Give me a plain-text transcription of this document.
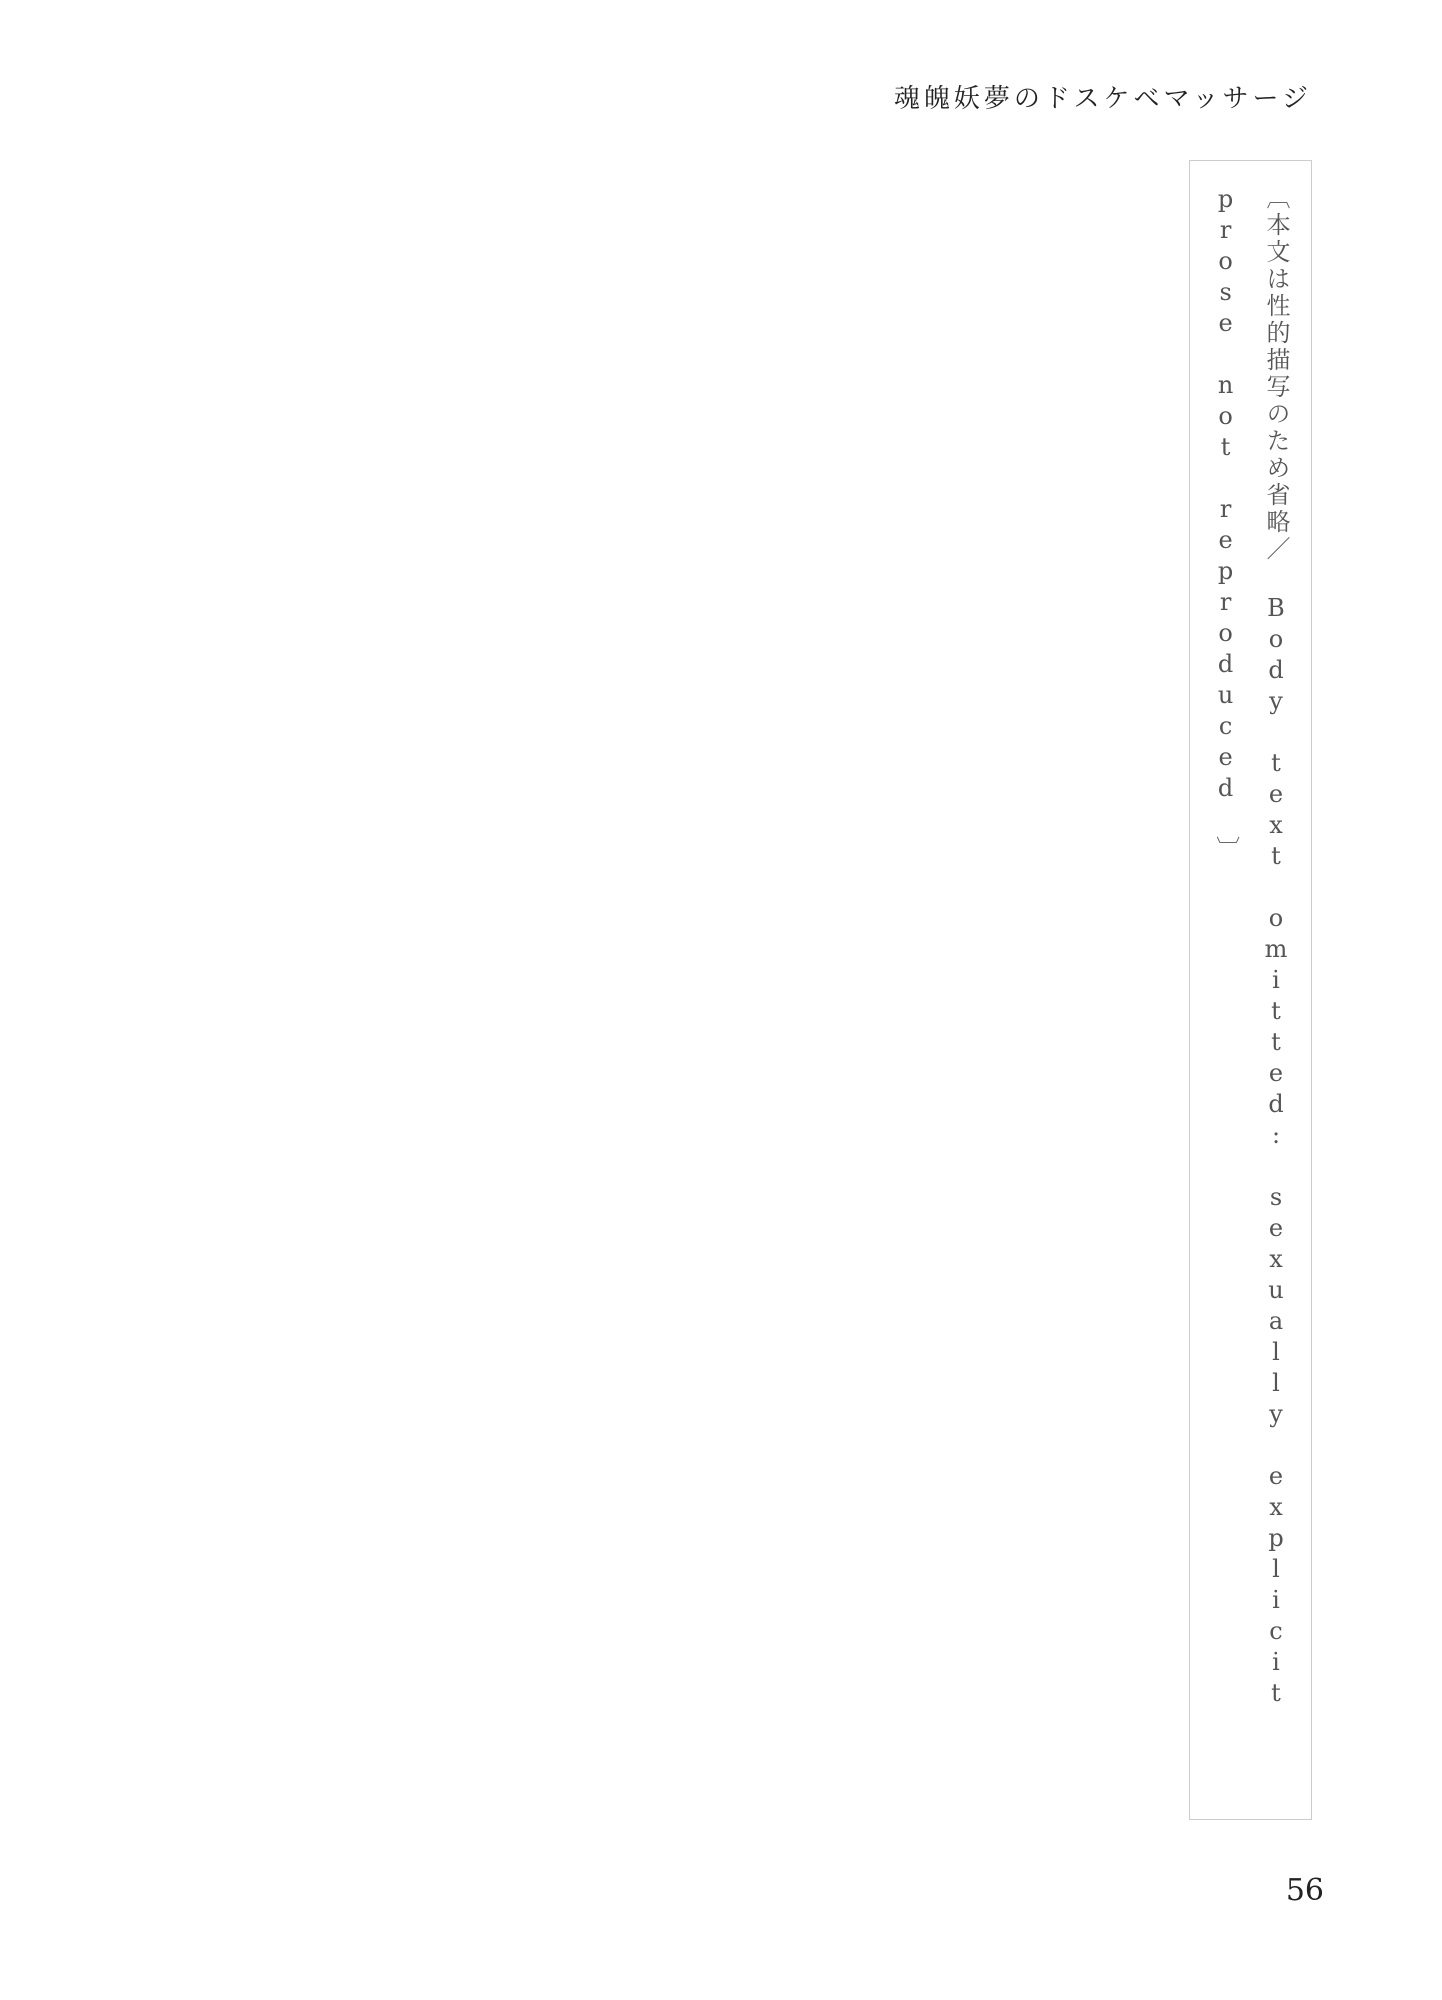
魂魄妖夢のドスケベマッサージ
〔本文は性的描写のため省略／ Body text omitted: sexually explicit prose not reproduced 〕
56
